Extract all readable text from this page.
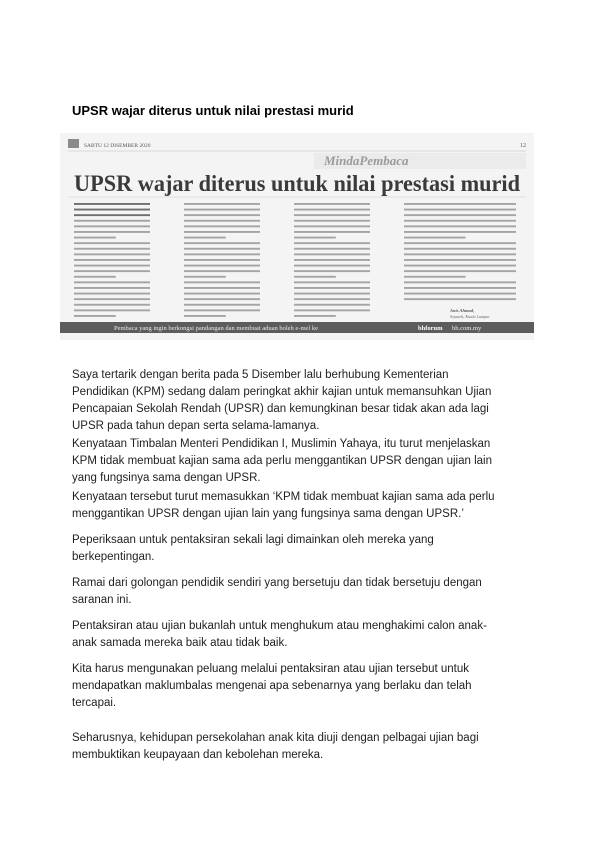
UPSR wajar diterus untuk nilai prestasi murid
SABTU 12 DISEMBER 2020	12
MindaPembaca
UPSR wajar diterus untuk nilai prestasi murid
Anis Ahmad,
Seputeh, Kuala Lumpur
Pembaca yang ingin berkongsi pandangan dan membuat aduan boleh e-mel ke	bhforum bh.com.my

Saya tertarik dengan berita pada 5 Disember lalu berhubung Kementerian
Pendidikan (KPM) sedang dalam peringkat akhir kajian untuk memansuhkan Ujian
Pencapaian Sekolah Rendah (UPSR) dan kemungkinan besar tidak akan ada lagi
UPSR pada tahun depan serta selama-lamanya.

Kenyataan Timbalan Menteri Pendidikan I, Muslimin Yahaya, itu turut menjelaskan
KPM tidak membuat kajian sama ada perlu menggantikan UPSR dengan ujian lain
yang fungsinya sama dengan UPSR.

Kenyataan tersebut turut memasukkan ‘KPM tidak membuat kajian sama ada perlu
menggantikan UPSR dengan ujian lain yang fungsinya sama dengan UPSR.’

Peperiksaan untuk pentaksiran sekali lagi dimainkan oleh mereka yang
berkepentingan.

Ramai dari golongan pendidik sendiri yang bersetuju dan tidak bersetuju dengan
saranan ini.

Pentaksiran atau ujian bukanlah untuk menghukum atau menghakimi calon anak-
anak samada mereka baik atau tidak baik.

Kita harus mengunakan peluang melalui pentaksiran atau ujian tersebut untuk
mendapatkan maklumbalas mengenai apa sebenarnya yang berlaku dan telah
tercapai.

Seharusnya, kehidupan persekolahan anak kita diuji dengan pelbagai ujian bagi
membuktikan keupayaan dan kebolehan mereka.
